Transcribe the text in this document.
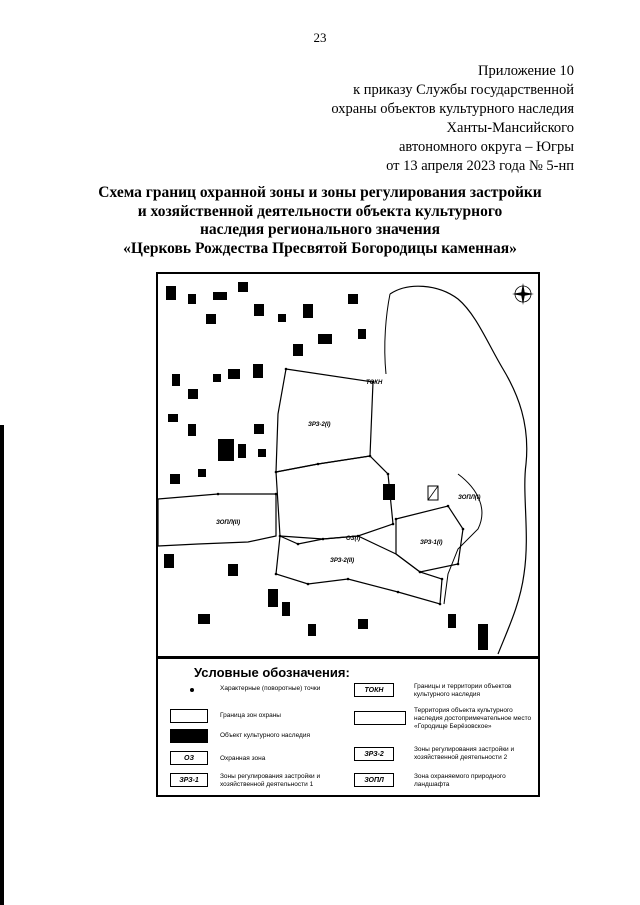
23
Приложение 10
к приказу Службы государственной
охраны объектов культурного наследия
Ханты-Мансийского
автономного округа – Югры
от 13 апреля 2023 года № 5-нп
Схема границ охранной зоны и зоны регулирования застройки
и хозяйственной деятельности объекта культурного
наследия регионального значения
«Церковь Рождества Пресвятой Богородицы каменная»
ЗРЗ-2(I)
ЗРЗ-2(II)
ОЗ(I)
ЗРЗ-1(I)
ЗОПЛ(II)
ЗОПЛ(I)
ТОКН
Условные обозначения:
Характерные (поворотные) точки	ТОКН	Границы и территории объектов культурного наследия
Граница зон охраны
Территория объекта культурного наследия достопримечательное место «Городище Берёзовское»
Объект культурного наследия
ОЗ	Охранная зона
ЗРЗ-2
Зоны регулирования застройки и хозяйственной деятельности 2
ЗРЗ-1	Зоны регулирования застройки и хозяйственной деятельности 1
ЗОПЛ	Зона охраняемого природного ландшафта
